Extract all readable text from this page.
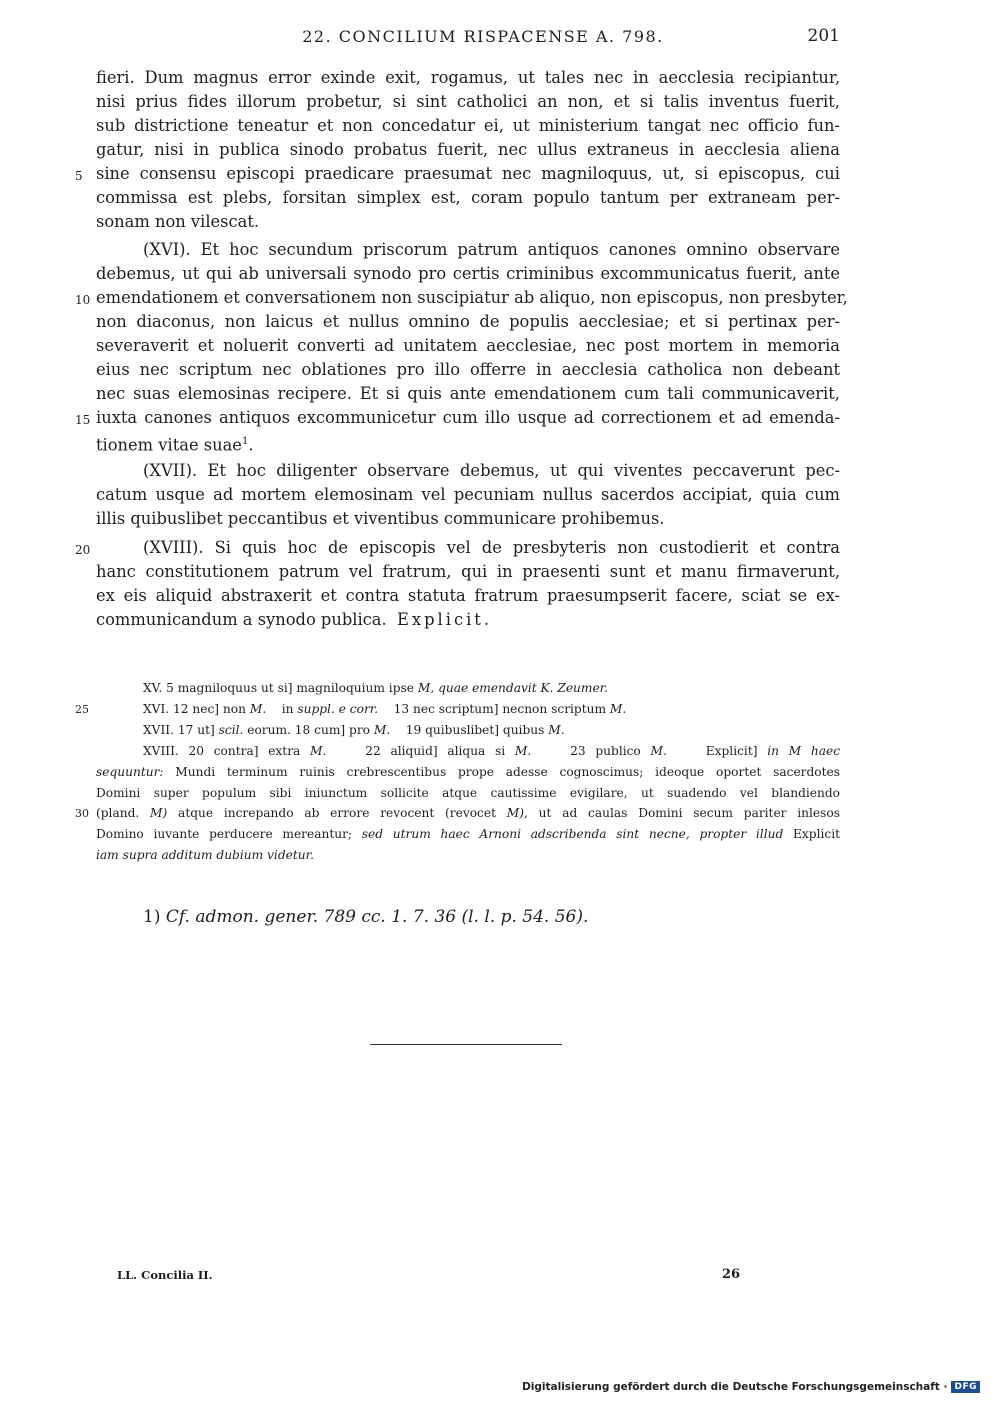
22. CONCILIUM RISPACENSE A. 798.	201
fieri. Dum magnus error exinde exit, rogamus, ut tales nec in aecclesia recipiantur,
nisi prius fides illorum probetur, si sint catholici an non, et si talis inventus fuerit,
sub districtione teneatur et non concedatur ei, ut ministerium tangat nec officio fun-
gatur, nisi in publica sinodo probatus fuerit, nec ullus extraneus in aecclesia aliena
5 sine consensu episcopi praedicare praesumat nec magniloquus, ut, si episcopus, cui
commissa est plebs, forsitan simplex est, coram populo tantum per extraneam per-
sonam non vilescat.
(XVI). Et hoc secundum priscorum patrum antiquos canones omnino observare
debemus, ut qui ab universali synodo pro certis criminibus excommunicatus fuerit, ante
10 emendationem et conversationem non suscipiatur ab aliquo, non episcopus, non presbyter,
non diaconus, non laicus et nullus omnino de populis aecclesiae; et si pertinax per-
severaverit et noluerit converti ad unitatem aecclesiae, nec post mortem in memoria
eius nec scriptum nec oblationes pro illo offerre in aecclesia catholica non debeant
nec suas elemosinas recipere. Et si quis ante emendationem cum tali communicaverit,
15 iuxta canones antiquos excommunicetur cum illo usque ad correctionem et ad emenda-
tionem vitae suae$^1$.
(XVII). Et hoc diligenter observare debemus, ut qui viventes peccaverunt pec-
catum usque ad mortem elemosinam vel pecuniam nullus sacerdos accipiat, quia cum
illis quibuslibet peccantibus et viventibus communicare prohibemus.
20	(XVIII). Si quis hoc de episcopis vel de presbyteris non custodierit et contra
hanc constitutionem patrum vel fratrum, qui in praesenti sunt et manu firmaverunt,
ex eis aliquid abstraxerit et contra statuta fratrum praesumpserit facere, sciat se ex-
communicandum a synodo publica. Explicit.
XV. 5 magniloquus ut si] magniloquium ipse M, quae emendavit K. Zeumer.
25	XVI. 12 nec] non M.    in suppl. e corr.    13 nec scriptum] necnon scriptum M.
XVII. 17 ut] scil. eorum. 18 cum] pro M.    19 quibuslibet] quibus M.
XVIII. 20 contra] extra M.    22 aliquid] aliqua si M.    23 publico M.    Explicit] in M haec
sequuntur: Mundi terminum ruinis crebrescentibus prope adesse cognoscimus; ideoque oportet sacerdotes
Domini super populum sibi iniunctum sollicite atque cautissime evigilare, ut suadendo vel blandiendo
30 (pland. M) atque increpando ab errore revocent (revocet M), ut ad caulas Domini secum pariter inlesos
Domino iuvante perducere mereantur; sed utrum haec Arnoni adscribenda sint necne, propter illud Explicit
iam supra additum dubium videtur.
1) Cf. admon. gener. 789 cc. 1. 7. 36 (l. l. p. 54. 56).
LL. Concilia II.	26
Digitalisierung gefördert durch die Deutsche Forschungsgemeinschaft · DFG
